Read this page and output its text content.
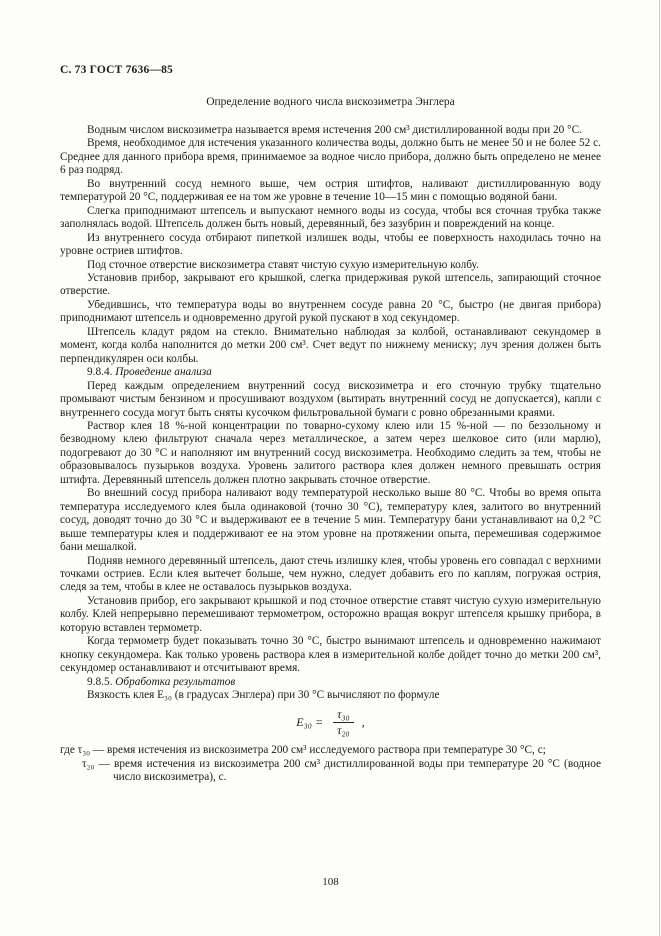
С. 73 ГОСТ 7636—85
Определение водного числа вискозиметра Энглера

Водным числом вискозиметра называется время истечения 200 см³ дистиллированной воды при 20 °С.

Время, необходимое для истечения указанного количества воды, должно быть не менее 50 и не более 52 с. Среднее для данного прибора время, принимаемое за водное число прибора, должно быть определено не менее 6 раз подряд.

Во внутренний сосуд немного выше, чем острия штифтов, наливают дистиллированную воду температурой 20 °С, поддерживая ее на том же уровне в течение 10—15 мин с помощью водяной бани.

Слегка приподнимают штепсель и выпускают немного воды из сосуда, чтобы вся сточная трубка также заполнялась водой. Штепсель должен быть новый, деревянный, без зазубрин и повреждений на конце.

Из внутреннего сосуда отбирают пипеткой излишек воды, чтобы ее поверхность находилась точно на уровне остриев штифтов.

Под сточное отверстие вискозиметра ставят чистую сухую измерительную колбу.

Установив прибор, закрывают его крышкой, слегка придерживая рукой штепсель, запирающий сточное отверстие.

Убедившись, что температура воды во внутреннем сосуде равна 20 °С, быстро (не двигая прибора) приподнимают штепсель и одновременно другой рукой пускают в ход секундомер.

Штепсель кладут рядом на стекло. Внимательно наблюдая за колбой, останавливают секундомер в момент, когда колба наполнится до метки 200 см³. Счет ведут по нижнему мениску; луч зрения должен быть перпендикулярен оси колбы.

9.8.4. Проведение анализа

Перед каждым определением внутренний сосуд вискозиметра и его сточную трубку тщательно промывают чистым бензином и просушивают воздухом (вытирать внутренний сосуд не допускается), капли с внутреннего сосуда могут быть сняты кусочком фильтровальной бумаги с ровно обрезанными краями.

Раствор клея 18 %-ной концентрации по товарно-сухому клею или 15 %-ной — по беззольному и безводному клею фильтруют сначала через металлическое, а затем через шелковое сито (или марлю), подогревают до 30 °С и наполняют им внутренний сосуд вискозиметра. Необходимо следить за тем, чтобы не образовывалось пузырьков воздуха. Уровень залитого раствора клея должен немного превышать острия штифта. Деревянный штепсель должен плотно закрывать сточное отверстие.

Во внешний сосуд прибора наливают воду температурой несколько выше 80 °С. Чтобы во время опыта температура исследуемого клея была одинаковой (точно 30 °С), температуру клея, залитого во внутренний сосуд, доводят точно до 30 °С и выдерживают ее в течение 5 мин. Температуру бани устанавливают на 0,2 °С выше температуры клея и поддерживают ее на этом уровне на протяжении опыта, перемешивая содержимое бани мешалкой.

Подняв немного деревянный штепсель, дают стечь излишку клея, чтобы уровень его совпадал с верхними точками остриев. Если клея вытечет больше, чем нужно, следует добавить его по каплям, погружая острия, следя за тем, чтобы в клее не оставалось пузырьков воздуха.

Установив прибор, его закрывают крышкой и под сточное отверстие ставят чистую сухую измерительную колбу. Клей непрерывно перемешивают термометром, осторожно вращая вокруг штепселя крышку прибора, в которую вставлен термометр.

Когда термометр будет показывать точно 30 °С, быстро вынимают штепсель и одновременно нажимают кнопку секундомера. Как только уровень раствора клея в измерительной колбе дойдет точно до метки 200 см³, секундомер останавливают и отсчитывают время.

9.8.5. Обработка результатов

Вязкость клея Е₃₀ (в градусах Энглера) при 30 °С вычисляют по формуле

$Е_{30} = \frac{\text{τ₃₀}}{\text{τ₂₀}}$ ,

где τ₃₀ — время истечения из вискозиметра 200 см³ исследуемого раствора при температуре 30 °С, с;

τ₂₀ — время истечения из вискозиметра 200 см³ дистиллированной воды при температуре 20 °С (водное число вискозиметра), с.

108
